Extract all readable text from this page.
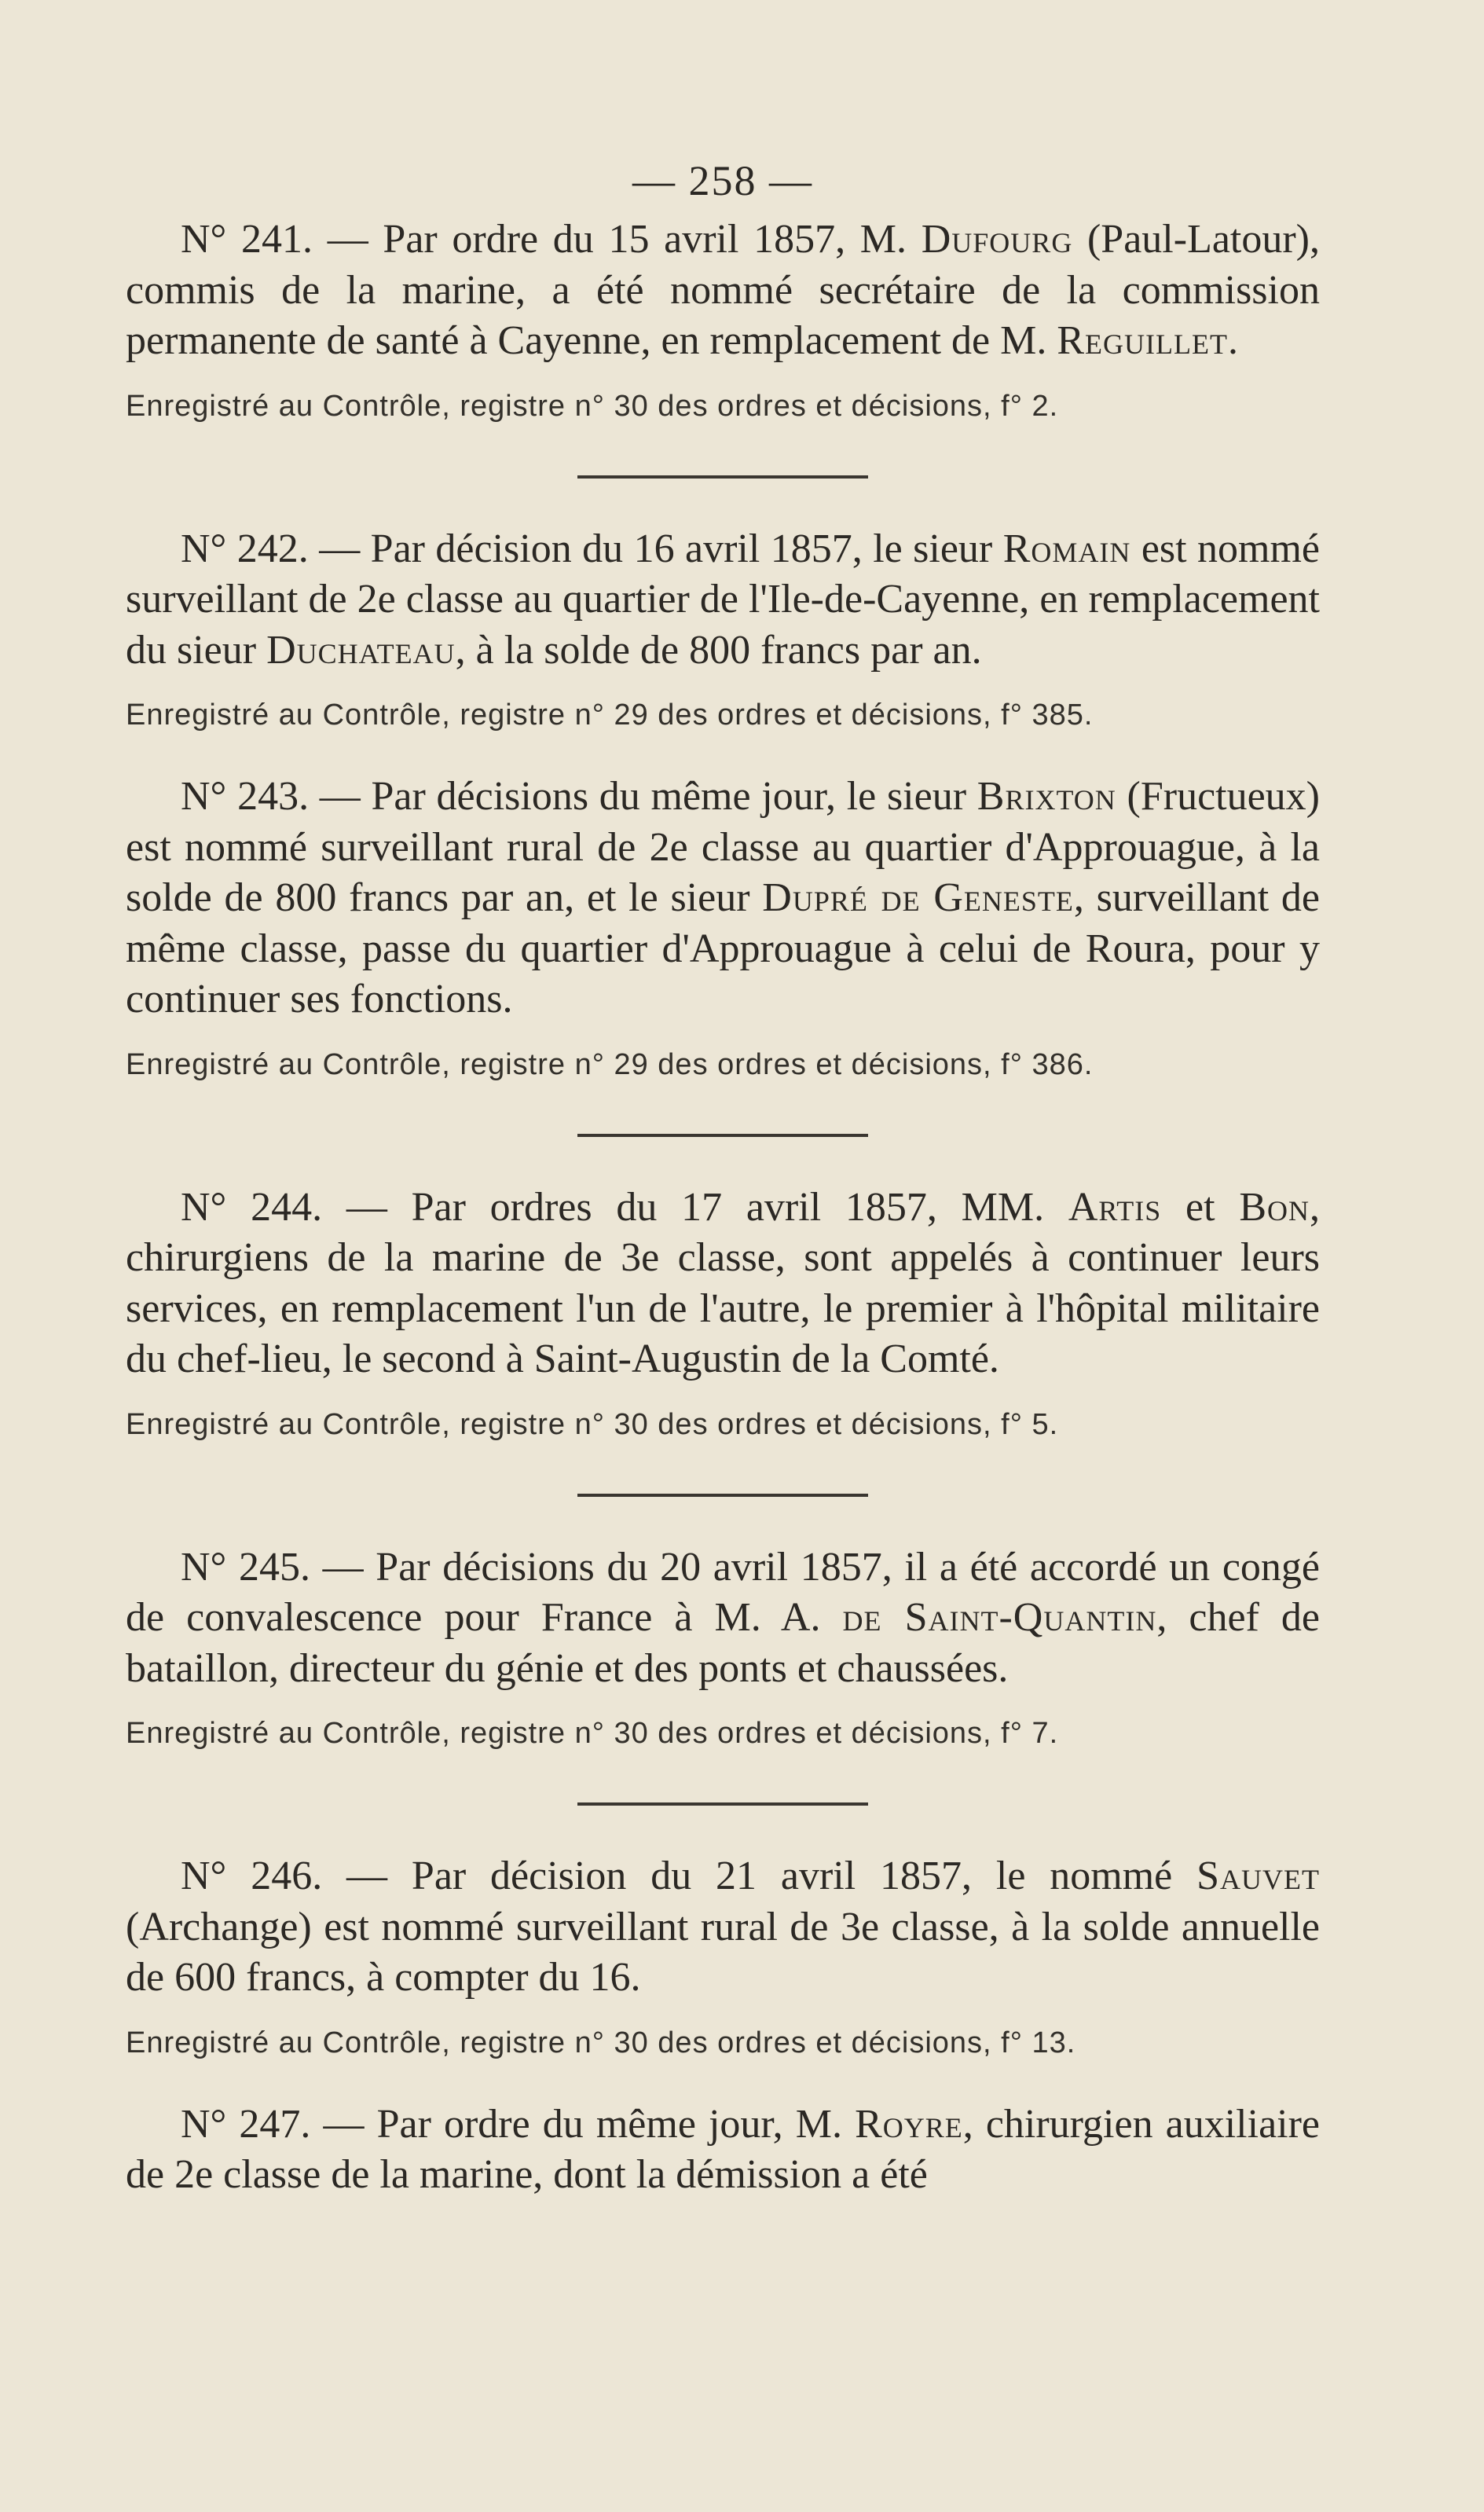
— 258 —

N° 241. — Par ordre du 15 avril 1857, M. Dufourg (Paul-Latour), commis de la marine, a été nommé secrétaire de la commission permanente de santé à Cayenne, en remplacement de M. Reguillet.

Enregistré au Contrôle, registre n° 30 des ordres et décisions, f° 2.

N° 242. — Par décision du 16 avril 1857, le sieur Romain est nommé surveillant de 2e classe au quartier de l'Ile-de-Cayenne, en remplacement du sieur Duchateau, à la solde de 800 francs par an.

Enregistré au Contrôle, registre n° 29 des ordres et décisions, f° 385.

N° 243. — Par décisions du même jour, le sieur Brixton (Fructueux) est nommé surveillant rural de 2e classe au quartier d'Approuague, à la solde de 800 francs par an, et le sieur Dupré de Geneste, surveillant de même classe, passe du quartier d'Approuague à celui de Roura, pour y continuer ses fonctions.

Enregistré au Contrôle, registre n° 29 des ordres et décisions, f° 386.

N° 244. — Par ordres du 17 avril 1857, MM. Artis et Bon, chirurgiens de la marine de 3e classe, sont appelés à continuer leurs services, en remplacement l'un de l'autre, le premier à l'hôpital militaire du chef-lieu, le second à Saint-Augustin de la Comté.

Enregistré au Contrôle, registre n° 30 des ordres et décisions, f° 5.

N° 245. — Par décisions du 20 avril 1857, il a été accordé un congé de convalescence pour France à M. A. de Saint-Quantin, chef de bataillon, directeur du génie et des ponts et chaussées.

Enregistré au Contrôle, registre n° 30 des ordres et décisions, f° 7.

N° 246. — Par décision du 21 avril 1857, le nommé Sauvet (Archange) est nommé surveillant rural de 3e classe, à la solde annuelle de 600 francs, à compter du 16.

Enregistré au Contrôle, registre n° 30 des ordres et décisions, f° 13.

N° 247. — Par ordre du même jour, M. Royre, chirurgien auxiliaire de 2e classe de la marine, dont la démission a été
